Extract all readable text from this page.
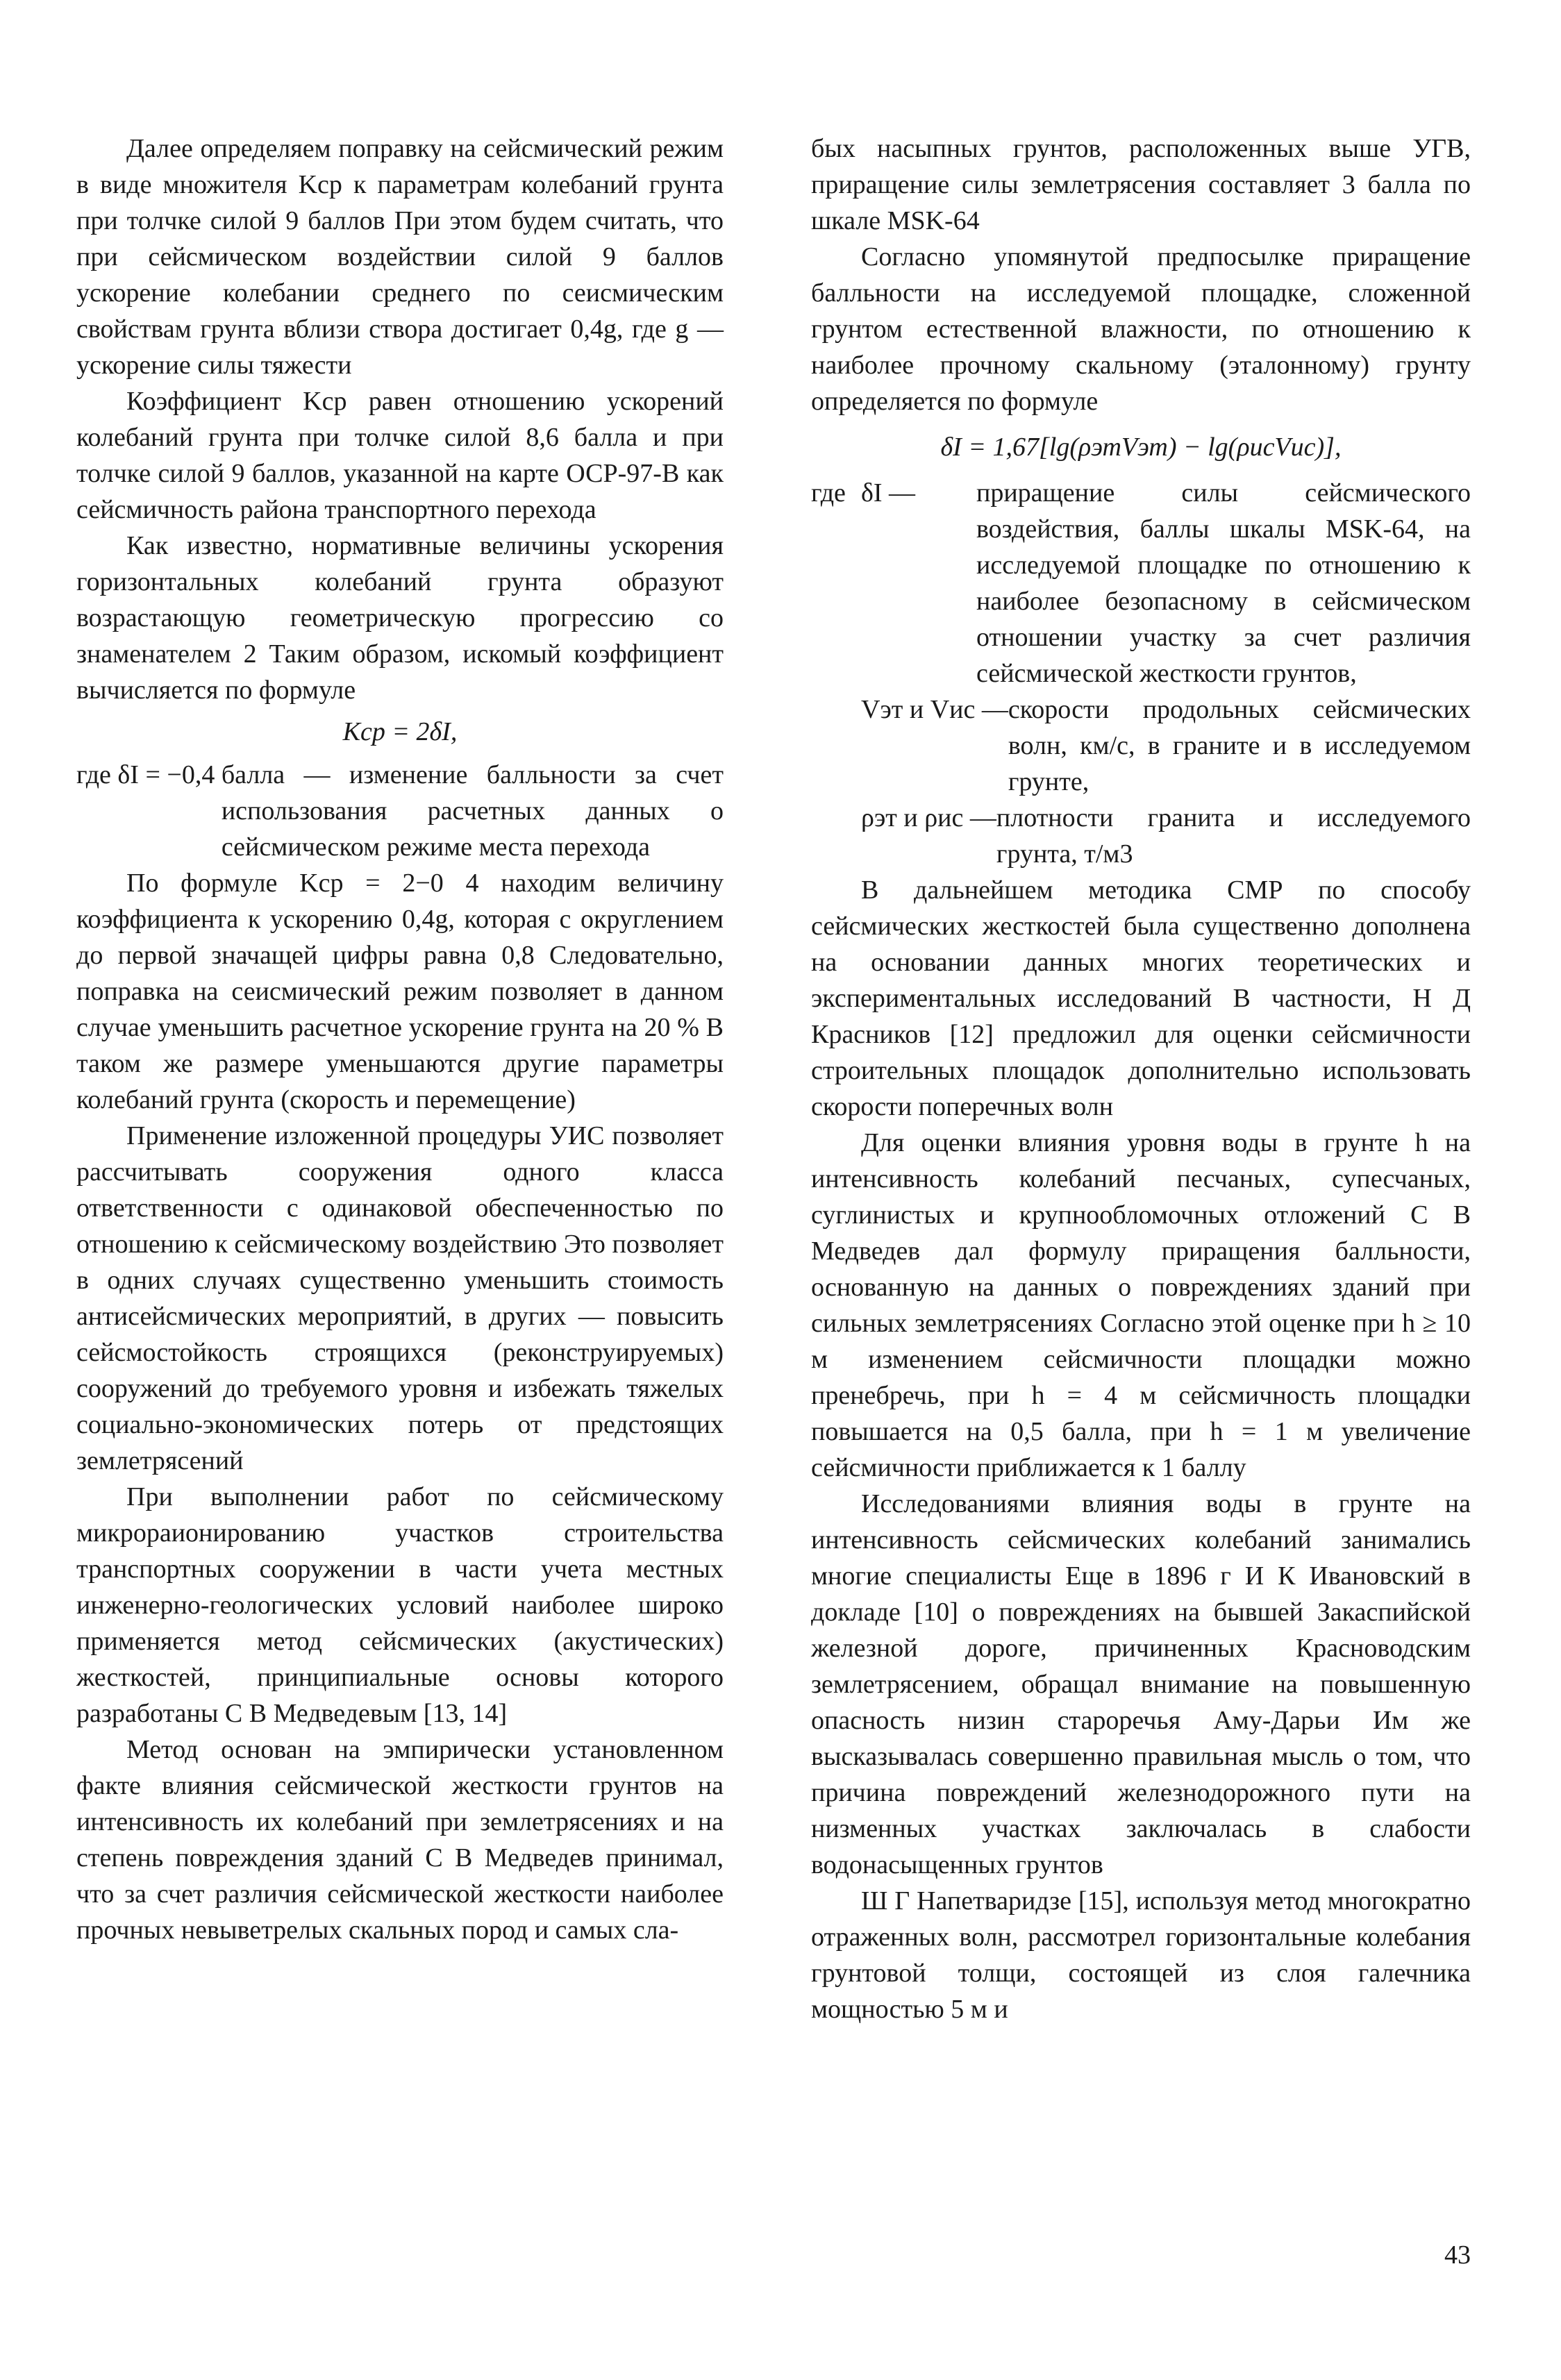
Далее определяем поправку на сейсмический режим в виде множителя Kср к параметрам колебаний грунта при толчке силой 9 баллов При этом будем считать, что при сейсмическом воздействии силой 9 баллов ускорение колебании среднего по сеисмическим свойствам грунта вблизи створа достигает 0,4g, где g — ускорение силы тяжести

Коэффициент Kср равен отношению ускорений колебаний грунта при толчке силой 8,6 балла и при толчке силой 9 баллов, указанной на карте ОСР-97-В как сейсмичность района транспортного перехода

Как известно, нормативные величины ускорения горизонтальных колебаний грунта образуют возрастающую геометрическую прогрессию со знаменателем 2 Таким образом, искомый коэффициент вычисляется по формуле

Kср = 2δI,
где δI = −0,4
балла — изменение балльности за счет использования расчетных данных о сейсмическом режиме места перехода

По формуле Kср = 2−0 4 находим величину коэффициента к ускорению 0,4g, которая с округлением до первой значащей цифры равна 0,8 Следовательно, поправка на сеисмический режим позволяет в данном случае уменьшить расчетное ускорение грунта на 20 % В таком же размере уменьшаются другие параметры колебаний грунта (скорость и перемещение)

Применение изложенной процедуры УИС позволяет рассчитывать сооружения одного класса ответственности с одинаковой обеспеченностью по отношению к сейсмическому воздействию Это позволяет в одних случаях существенно уменьшить стоимость антисейсмических мероприятий, в других — повысить сейсмостойкость строящихся (реконструируемых) сооружений до требуемого уровня и избежать тяжелых социально-экономических потерь от предстоящих землетрясений

При выполнении работ по сейсмическому микрораионированию участков строительства транспортных сооружении в части учета местных инженерно-геологических условий наиболее широко применяется метод сейсмических (акустических) жесткостей, принципиальные основы которого разработаны С В Медведевым [13, 14]

Метод основан на эмпирически установленном факте влияния сейсмической жесткости грунтов на интенсивность их колебаний при землетрясениях и на степень повреждения зданий С В Медведев принимал, что за счет различия сейсмической жесткости наиболее прочных невыветрелых скальных пород и самых сла-

бых насыпных грунтов, расположенных выше УГВ, приращение силы землетрясения составляет 3 балла по шкале MSK-64

Согласно упомянутой предпосылке приращение балльности на исследуемой площадке, сложенной грунтом естественной влажности, по отношению к наиболее прочному скальному (эталонному) грунту определяется по формуле

δI = 1,67[lg(ρэтVэт) − lg(ρисVис)],
где δI —	приращение силы сейсмического воздействия, баллы шкалы MSK-64, на исследуемой площадке по отношению к наиболее безопасному в сейсмическом отношении участку за счет различия сейсмической жесткости грунтов,
Vэт и Vис — скорости продольных сейсмических волн, км/с, в граните и в исследуемом грунте,
ρэт и ρис — плотности гранита и исследуемого грунта, т/м3

В дальнейшем методика СМР по способу сейсмических жесткостей была существенно дополнена на основании данных многих теоретических и экспериментальных исследований В частности, Н Д Красников [12] предложил для оценки сейсмичности строительных площадок дополнительно использовать скорости поперечных волн

Для оценки влияния уровня воды в грунте h на интенсивность колебаний песчаных, супесчаных, суглинистых и крупнообломочных отложений С В Медведев дал формулу приращения балльности, основанную на данных о повреждениях зданий при сильных землетрясениях Согласно этой оценке при h ≥ 10 м изменением сейсмичности площадки можно пренебречь, при h = 4 м сейсмичность площадки повышается на 0,5 балла, при h = 1 м увеличение сейсмичности приближается к 1 баллу

Исследованиями влияния воды в грунте на интенсивность сейсмических колебаний занимались многие специалисты Еще в 1896 г И К Ивановский в докладе [10] о повреждениях на бывшей Закаспийской железной дороге, причиненных Красноводским землетрясением, обращал внимание на повышенную опасность низин староречья Аму-Дарьи Им же высказывалась совершенно правильная мысль о том, что причина повреждений железнодорожного пути на низменных участках заключалась в слабости водонасыщенных грунтов

Ш Г Напетваридзе [15], используя метод многократно отраженных волн, рассмотрел горизонтальные колебания грунтовой толщи, состоящей из слоя галечника мощностью 5 м и

43
